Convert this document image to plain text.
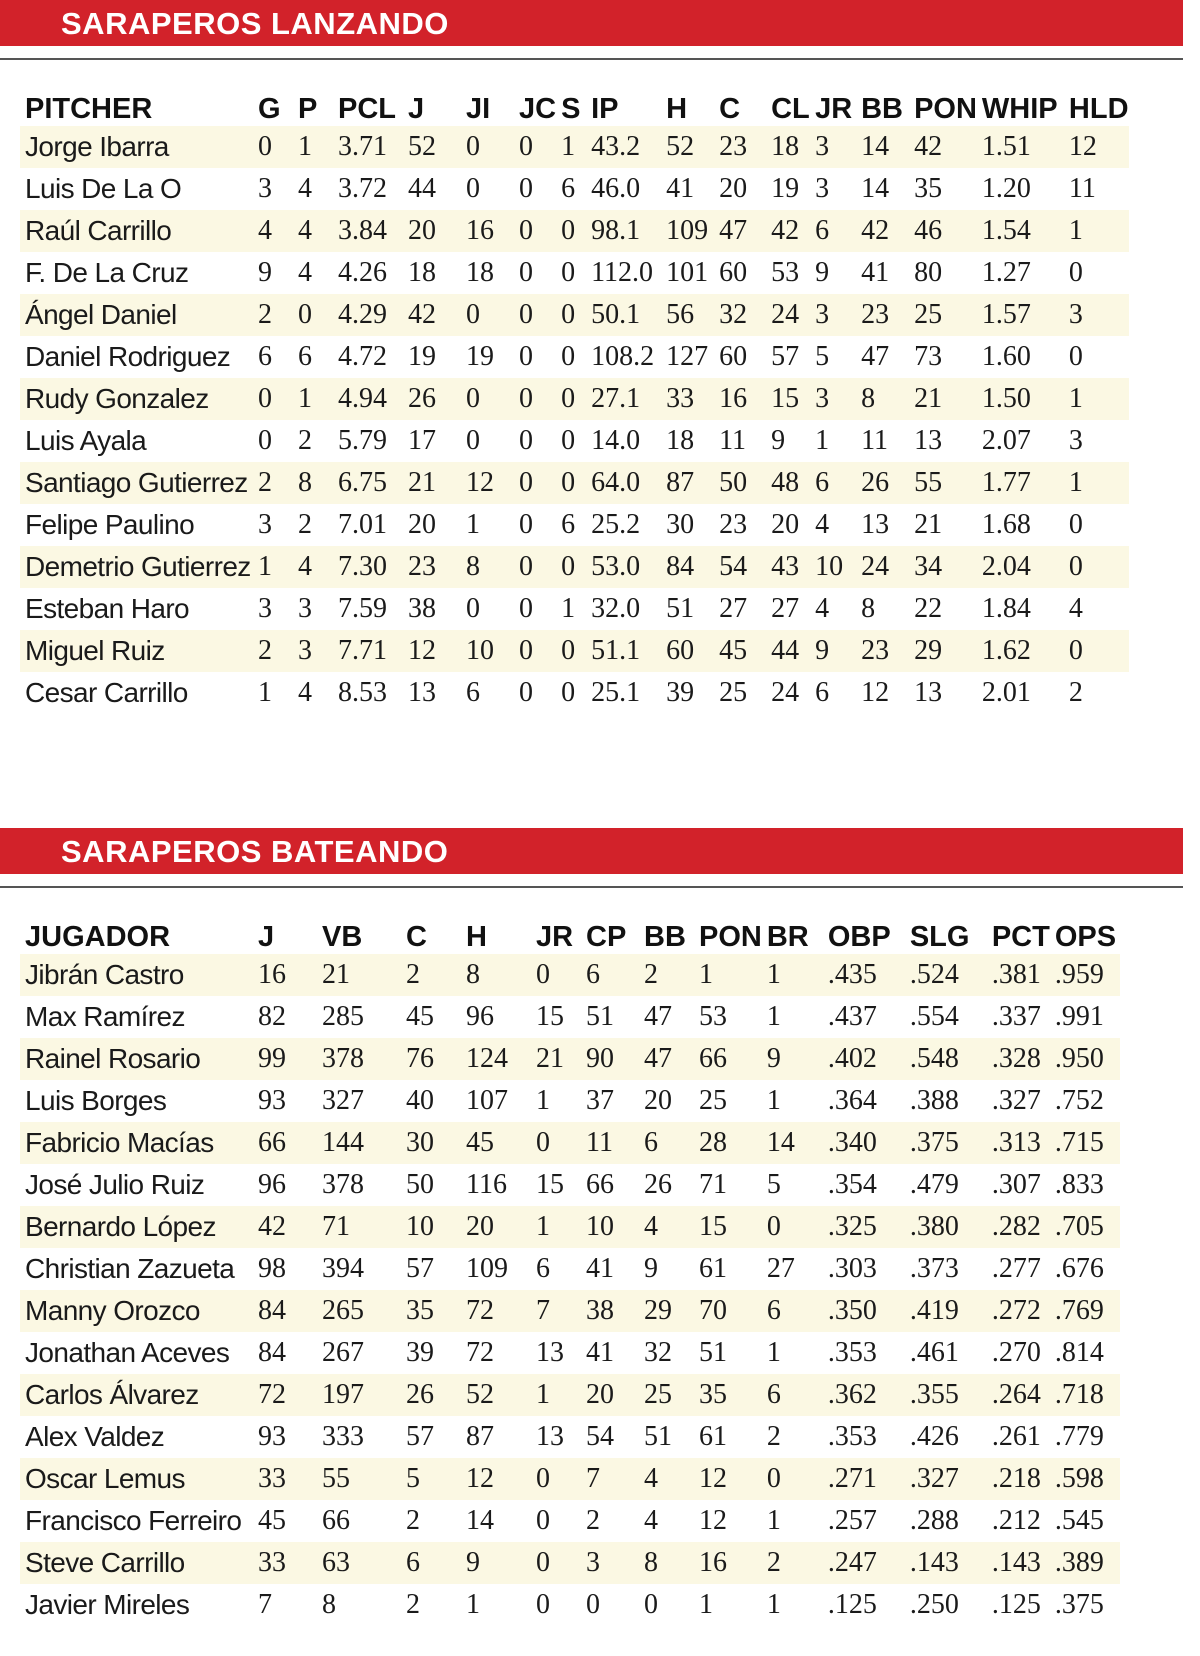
SARAPEROS LANZANDO
PITCHER	G	P	PCL	J	JI	JC	S	IP	H	C	CL	JR	BB	PON	WHIP	HLD
Jorge Ibarra	0	1	3.71	52	0	0	1	43.2	52	23	18	3	14	42	1.51	12
Luis De La O	3	4	3.72	44	0	0	6	46.0	41	20	19	3	14	35	1.20	11
Raúl Carrillo	4	4	3.84	20	16	0	0	98.1	109	47	42	6	42	46	1.54	1
F. De La Cruz	9	4	4.26	18	18	0	0	112.0	101	60	53	9	41	80	1.27	0
Ángel Daniel	2	0	4.29	42	0	0	0	50.1	56	32	24	3	23	25	1.57	3
Daniel Rodriguez	6	6	4.72	19	19	0	0	108.2	127	60	57	5	47	73	1.60	0
Rudy Gonzalez	0	1	4.94	26	0	0	0	27.1	33	16	15	3	8	21	1.50	1
Luis Ayala	0	2	5.79	17	0	0	0	14.0	18	11	9	1	11	13	2.07	3
Santiago Gutierrez	2	8	6.75	21	12	0	0	64.0	87	50	48	6	26	55	1.77	1
Felipe Paulino	3	2	7.01	20	1	0	6	25.2	30	23	20	4	13	21	1.68	0
Demetrio Gutierrez	1	4	7.30	23	8	0	0	53.0	84	54	43	10	24	34	2.04	0
Esteban Haro	3	3	7.59	38	0	0	1	32.0	51	27	27	4	8	22	1.84	4
Miguel Ruiz	2	3	7.71	12	10	0	0	51.1	60	45	44	9	23	29	1.62	0
Cesar Carrillo	1	4	8.53	13	6	0	0	25.1	39	25	24	6	12	13	2.01	2
SARAPEROS BATEANDO
JUGADOR	J	VB	C	H	JR	CP	BB	PON	BR	OBP	SLG	PCT	OPS
Jibrán Castro	16	21	2	8	0	6	2	1	1	.435	.524	.381	.959
Max Ramírez	82	285	45	96	15	51	47	53	1	.437	.554	.337	.991
Rainel Rosario	99	378	76	124	21	90	47	66	9	.402	.548	.328	.950
Luis Borges	93	327	40	107	1	37	20	25	1	.364	.388	.327	.752
Fabricio Macías	66	144	30	45	0	11	6	28	14	.340	.375	.313	.715
José Julio Ruiz	96	378	50	116	15	66	26	71	5	.354	.479	.307	.833
Bernardo López	42	71	10	20	1	10	4	15	0	.325	.380	.282	.705
Christian Zazueta	98	394	57	109	6	41	9	61	27	.303	.373	.277	.676
Manny Orozco	84	265	35	72	7	38	29	70	6	.350	.419	.272	.769
Jonathan Aceves	84	267	39	72	13	41	32	51	1	.353	.461	.270	.814
Carlos Álvarez	72	197	26	52	1	20	25	35	6	.362	.355	.264	.718
Alex Valdez	93	333	57	87	13	54	51	61	2	.353	.426	.261	.779
Oscar Lemus	33	55	5	12	0	7	4	12	0	.271	.327	.218	.598
Francisco Ferreiro	45	66	2	14	0	2	4	12	1	.257	.288	.212	.545
Steve Carrillo	33	63	6	9	0	3	8	16	2	.247	.143	.143	.389
Javier Mireles	7	8	2	1	0	0	0	1	1	.125	.250	.125	.375
